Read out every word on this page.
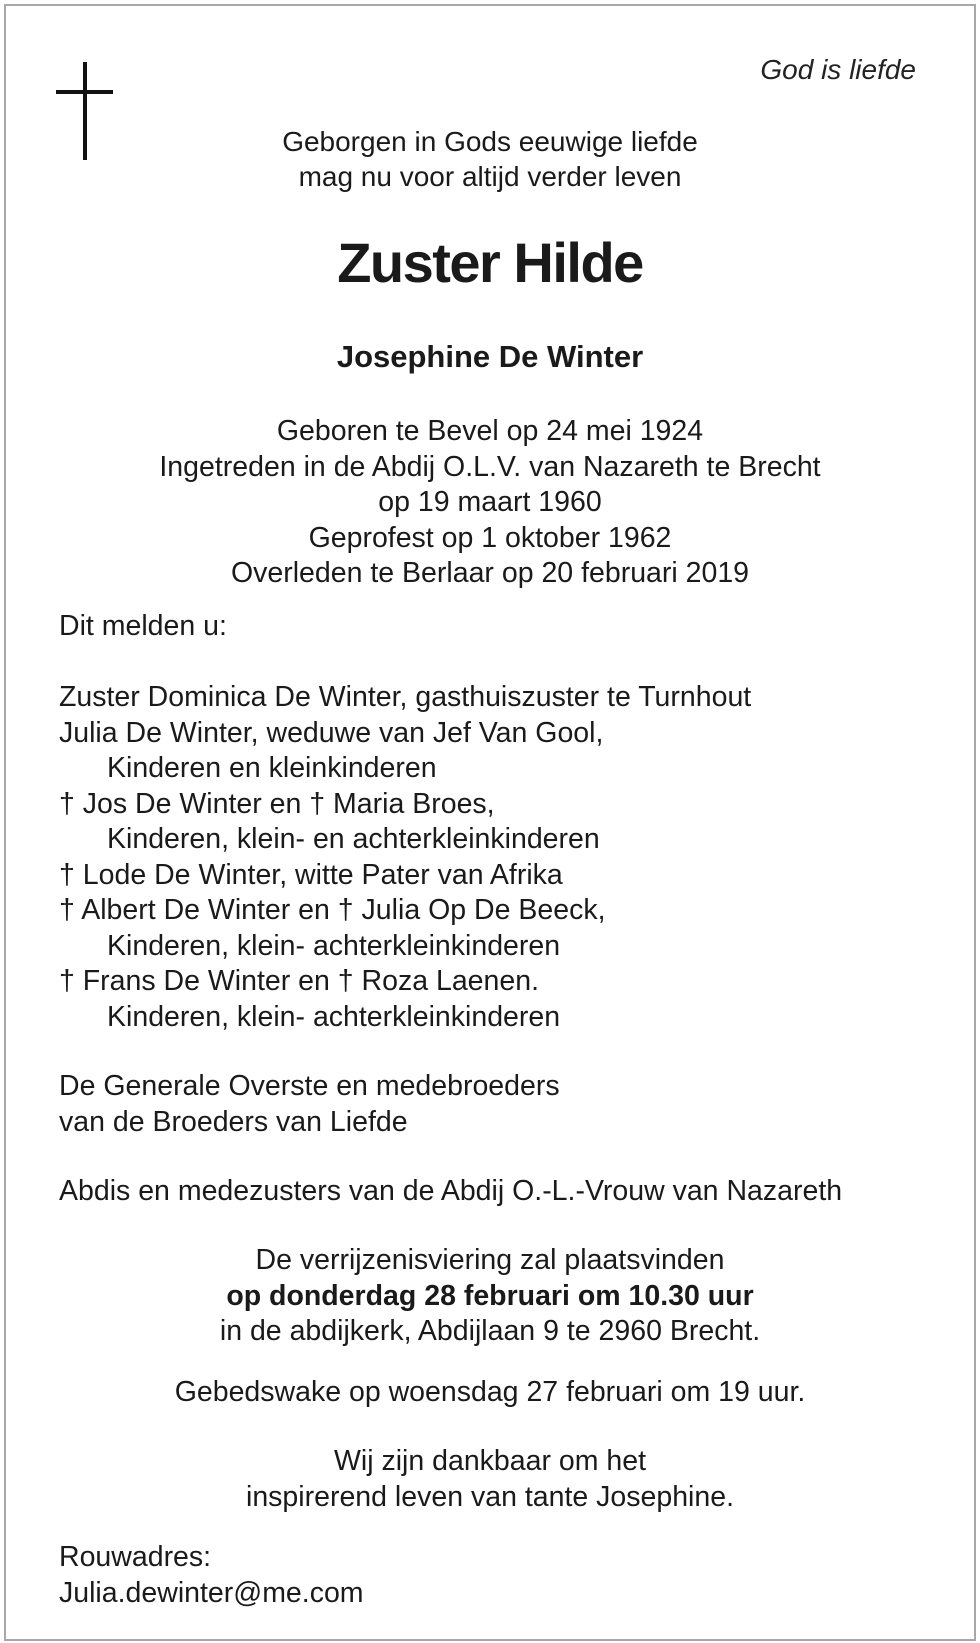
God is liefde
Geborgen in Gods eeuwige liefde
mag nu voor altijd verder leven
Zuster Hilde
Josephine De Winter
Geboren te Bevel op 24 mei 1924
Ingetreden in de Abdij O.L.V. van Nazareth te Brecht
op 19 maart 1960
Geprofest op 1 oktober 1962
Overleden te Berlaar op 20 februari 2019
Dit melden u:
Zuster Dominica De Winter, gasthuiszuster te Turnhout
Julia De Winter, weduwe van Jef Van Gool,
Kinderen en kleinkinderen
† Jos De Winter en † Maria Broes,
Kinderen, klein- en achterkleinkinderen
† Lode De Winter, witte Pater van Afrika
† Albert De Winter en † Julia Op De Beeck,
Kinderen, klein- achterkleinkinderen
† Frans De Winter en † Roza Laenen.
Kinderen, klein- achterkleinkinderen
De Generale Overste en medebroeders
van de Broeders van Liefde
Abdis en medezusters van de Abdij O.-L.-Vrouw van Nazareth
De verrijzenisviering zal plaatsvinden
op donderdag 28 februari om 10.30 uur
in de abdijkerk, Abdijlaan 9 te 2960 Brecht.
Gebedswake op woensdag 27 februari om 19 uur.
Wij zijn dankbaar om het
inspirerend leven van tante Josephine.
Rouwadres:
Julia.dewinter@me.com
